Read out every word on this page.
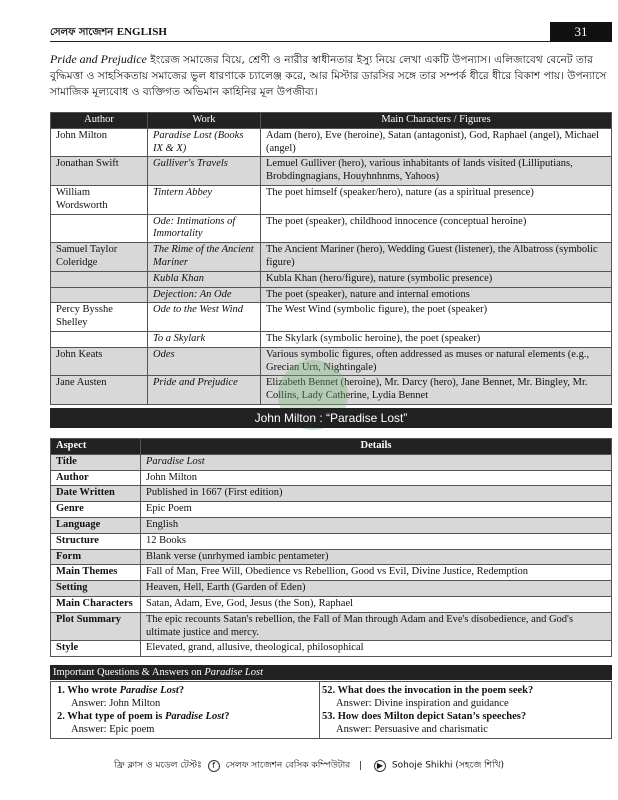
সেলফ সাজেশন ENGLISH	31
Pride and Prejudice ইংরেজ সমাজের বিয়ে, শ্রেণী ও নারীর স্বাধীনতার ইস্যু নিয়ে লেখা একটি উপন্যাস। এলিজাবেথ বেনেট তার বুদ্ধিমত্তা ও সাহসিকতায় সমাজের ভুল ধারণাকে চ্যালেঞ্জ করে, আর মিস্টার ডারসির সঙ্গে তার সম্পর্ক ধীরে ধীরে বিকাশ পায়। উপন্যাসে সামাজিক মূল্যবোধ ও ব্যক্তিগত অভিমান কাহিনির মূল উপজীব্য।
Author	Work	Main Characters / Figures
John Milton	Paradise Lost (Books IX & X)	Adam (hero), Eve (heroine), Satan (antagonist), God, Raphael (angel), Michael (angel)
Jonathan Swift	Gulliver's Travels	Lemuel Gulliver (hero), various inhabitants of lands visited (Lilliputians, Brobdingnagians, Houyhnhnms, Yahoos)
William Wordsworth	Tintern Abbey	The poet himself (speaker/hero), nature (as a spiritual presence)
	Ode: Intimations of Immortality	The poet (speaker), childhood innocence (conceptual heroine)
Samuel Taylor Coleridge	The Rime of the Ancient Mariner	The Ancient Mariner (hero), Wedding Guest (listener), the Albatross (symbolic figure)
	Kubla Khan	Kubla Khan (hero/figure), nature (symbolic presence)
	Dejection: An Ode	The poet (speaker), nature and internal emotions
Percy Bysshe Shelley	Ode to the West Wind	The West Wind (symbolic figure), the poet (speaker)
	To a Skylark	The Skylark (symbolic heroine), the poet (speaker)
John Keats	Odes	Various symbolic figures, often addressed as muses or natural elements (e.g., Grecian Urn, Nightingale)
Jane Austen	Pride and Prejudice	Elizabeth Bennet (heroine), Mr. Darcy (hero), Jane Bennet, Mr. Bingley, Mr. Collins, Lady Catherine, Lydia Bennet
John Milton : “Paradise Lost”
Aspect	Details
Title	Paradise Lost
Author	John Milton
Date Written	Published in 1667 (First edition)
Genre	Epic Poem
Language	English
Structure	12 Books
Form	Blank verse (unrhymed iambic pentameter)
Main Themes	Fall of Man, Free Will, Obedience vs Rebellion, Good vs Evil, Divine Justice, Redemption
Setting	Heaven, Hell, Earth (Garden of Eden)
Main Characters	Satan, Adam, Eve, God, Jesus (the Son), Raphael
Plot Summary	The epic recounts Satan's rebellion, the Fall of Man through Adam and Eve's disobedience, and God's ultimate justice and mercy.
Style	Elevated, grand, allusive, theological, philosophical
Important Questions & Answers on Paradise Lost
1. Who wrote Paradise Lost?
Answer: John Milton
2. What type of poem is Paradise Lost?
Answer: Epic poem
52. What does the invocation in the poem seek?
Answer: Divine inspiration and guidance
53. How does Milton depict Satan’s speeches?
Answer: Persuasive and charismatic
ফ্রি ক্লাস ও মডেল টেস্টঃ f সেলফ সাজেশন বেসিক কম্পিউটার | ▶ Sohoje Shikhi (সহজে শিখি)
